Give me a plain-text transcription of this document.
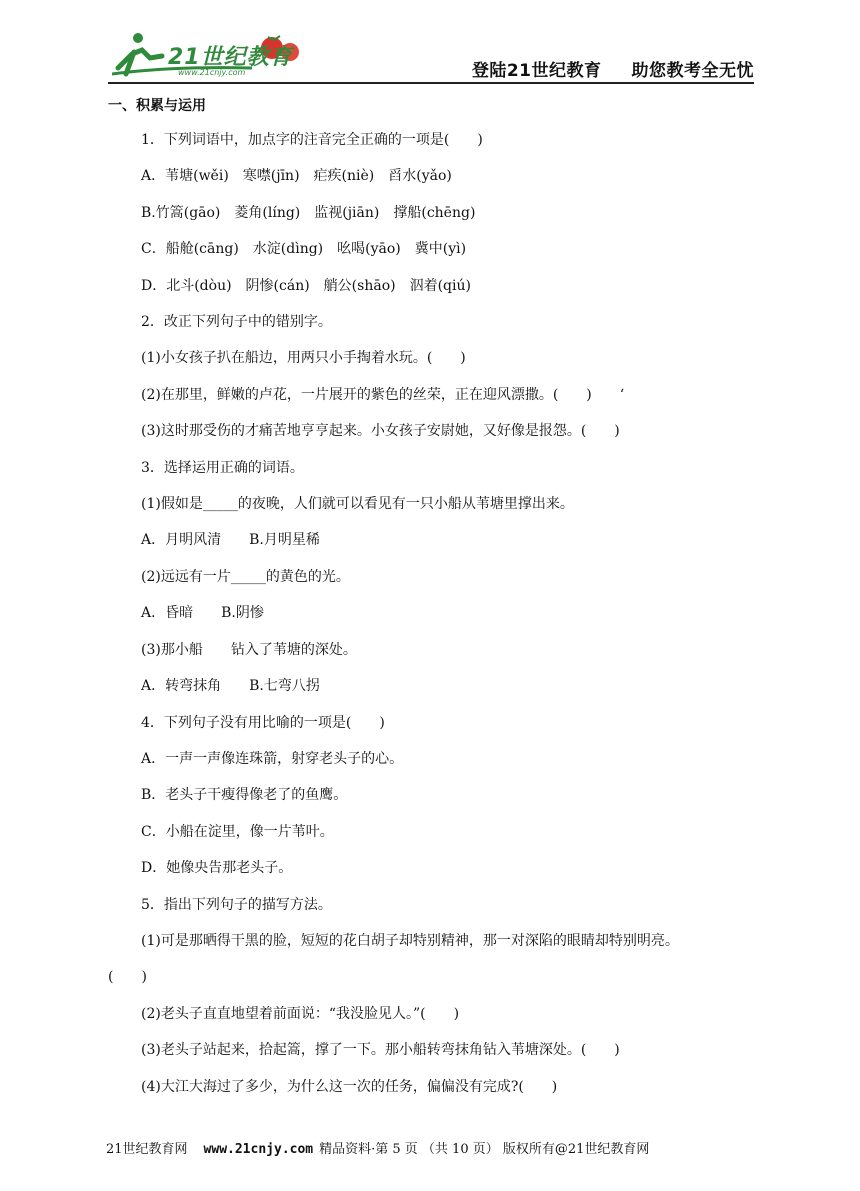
21世纪教育
www.21cnjy.com	登陆21世纪教育 助您教考全无忧
一、积累与运用
1．下列词语中，加点字的注音完全正确的一项是(　　)
A．苇塘(wěi)　寒噤(jīn)　疟疾(niè)　舀水(yǎo)
B.竹篙(gāo)　菱角(líng)　监视(jiān)　撑船(chēng)
C．船舱(cāng)　水淀(dìng)　吆喝(yāo)　冀中(yì)
D．北斗(dòu)　阴惨(cán)　艄公(shāo)　泅着(qiú)
2．改正下列句子中的错别字。
(1)小女孩子扒在船边，用两只小手掏着水玩。(　　)
(2)在那里，鲜嫩的卢花，一片展开的紫色的丝荣，正在迎风漂撒。(　　)　　‘
(3)这时那受伤的才痛苦地亨亨起来。小女孩子安尉她，又好像是报怨。(　　)
3．选择运用正确的词语。
(1)假如是_____的夜晚，人们就可以看见有一只小船从苇塘里撑出来。
A．月明风清　　B.月明星稀
(2)远远有一片_____的黄色的光。
A．昏暗　　B.阴惨
(3)那小船　　钻入了苇塘的深处。
A．转弯抹角　　B.七弯八拐
4．下列句子没有用比喻的一项是(　　)
A．一声一声像连珠箭，射穿老头子的心。
B．老头子干瘦得像老了的鱼鹰。
C．小船在淀里，像一片苇叶。
D．她像央告那老头子。
5．指出下列句子的描写方法。
(1)可是那晒得干黑的脸，短短的花白胡子却特别精神，那一对深陷的眼睛却特别明亮。
(　　)
(2)老头子直直地望着前面说：“我没脸见人。”(　　)
(3)老头子站起来，拾起篙，撑了一下。那小船转弯抹角钻入苇塘深处。(　　)
(4)大江大海过了多少，为什么这一次的任务，偏偏没有完成?(　　)
21世纪教育网 www.21cnjy.com 精品资料·第 5 页 （共 10 页） 版权所有@21世纪教育网
